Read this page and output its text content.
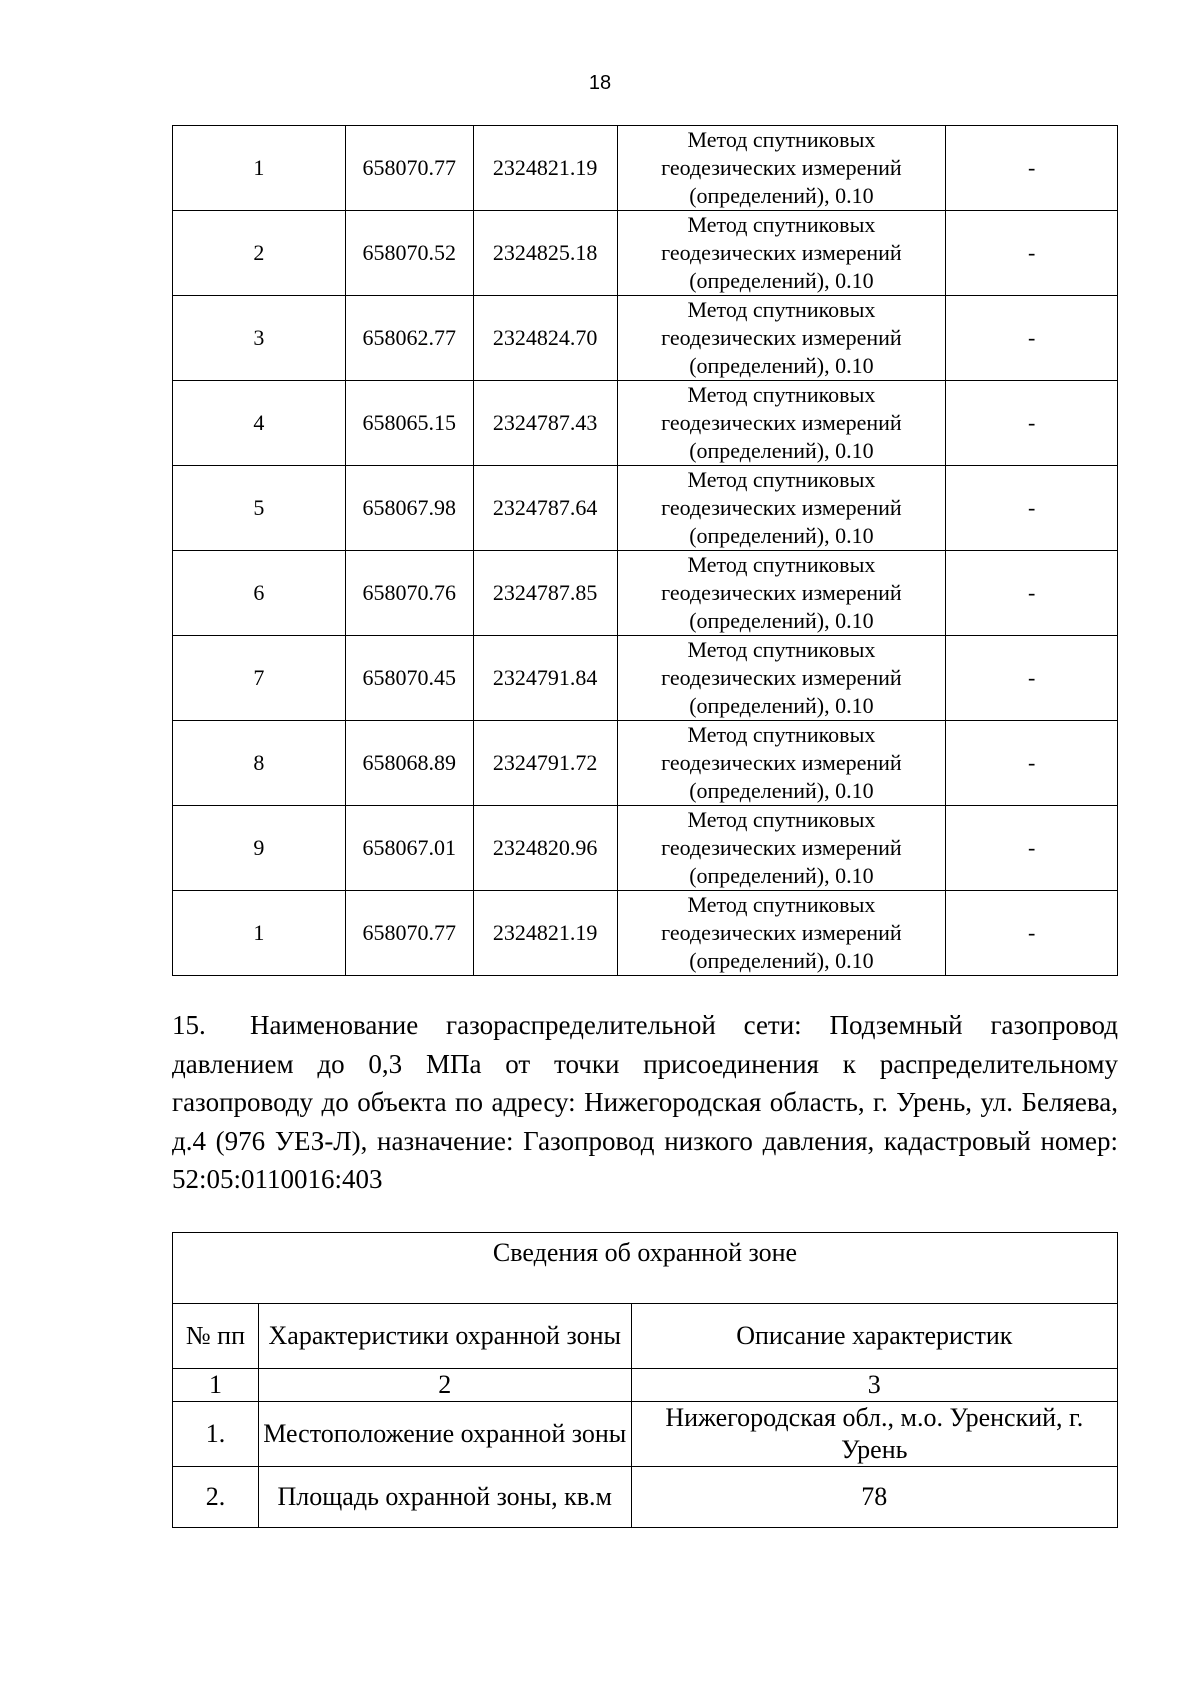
18
1	658070.77	2324821.19	Метод спутниковых
геодезических измерений
(определений), 0.10	-
2	658070.52	2324825.18	Метод спутниковых
геодезических измерений
(определений), 0.10	-
3	658062.77	2324824.70	Метод спутниковых
геодезических измерений
(определений), 0.10	-
4	658065.15	2324787.43	Метод спутниковых
геодезических измерений
(определений), 0.10	-
5	658067.98	2324787.64	Метод спутниковых
геодезических измерений
(определений), 0.10	-
6	658070.76	2324787.85	Метод спутниковых
геодезических измерений
(определений), 0.10	-
7	658070.45	2324791.84	Метод спутниковых
геодезических измерений
(определений), 0.10	-
8	658068.89	2324791.72	Метод спутниковых
геодезических измерений
(определений), 0.10	-
9	658067.01	2324820.96	Метод спутниковых
геодезических измерений
(определений), 0.10	-
1	658070.77	2324821.19	Метод спутниковых
геодезических измерений
(определений), 0.10	-
15. Наименование газораспределительной сети: Подземный газопровод давлением до 0,3 МПа от точки присоединения к распределительному газопроводу до объекта по адресу: Нижегородская область, г. Урень, ул. Беляева, д.4 (976 УЕЗ-Л), назначение: Газопровод низкого давления, кадастровый номер: 52:05:0110016:403
Сведения об охранной зоне		
№ пп	Характеристики охранной зоны	Описание характеристик
1	2	3
1.	Местоположение охранной зоны	Нижегородская обл., м.о. Уренский, г. Урень
2.	Площадь охранной зоны, кв.м	78
